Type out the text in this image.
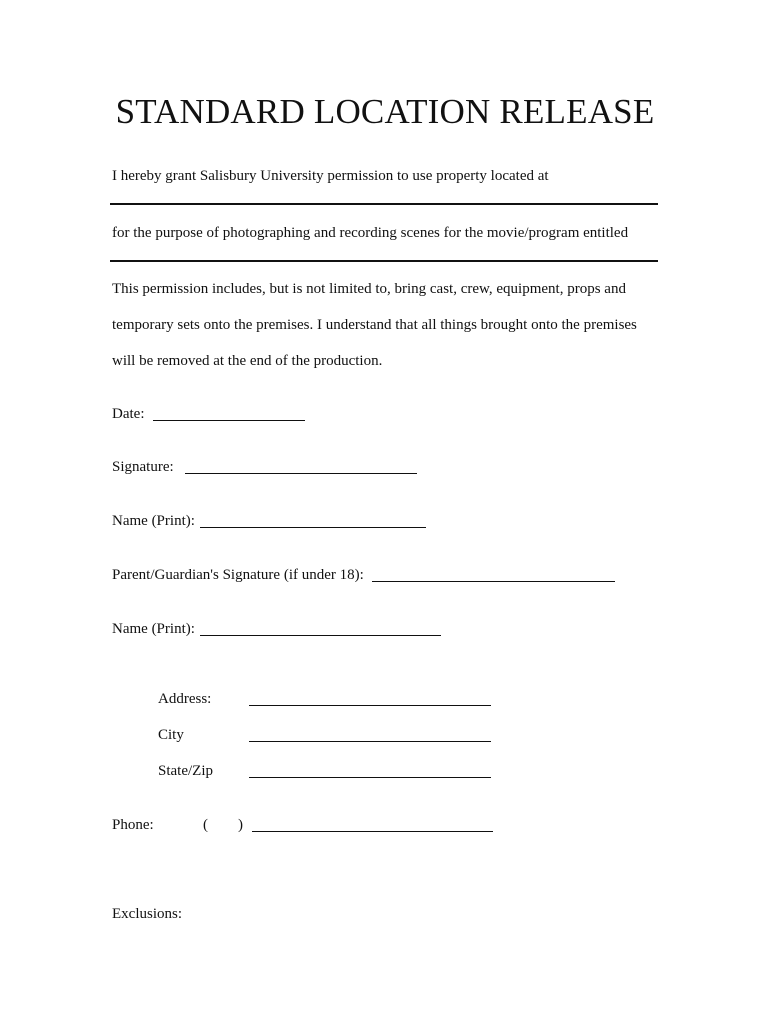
STANDARD LOCATION RELEASE
I hereby grant Salisbury University permission to use property located at
for the purpose of photographing and recording scenes for the movie/program entitled
This permission includes, but is not limited to, bring cast, crew, equipment, props and
temporary sets onto the premises. I understand that all things brought onto the premises
will be removed at the end of the production.
Date:
Signature:
Name (Print):
Parent/Guardian's Signature (if under 18):
Name (Print):
Address:
City
State/Zip
Phone:	( )
Exclusions:
